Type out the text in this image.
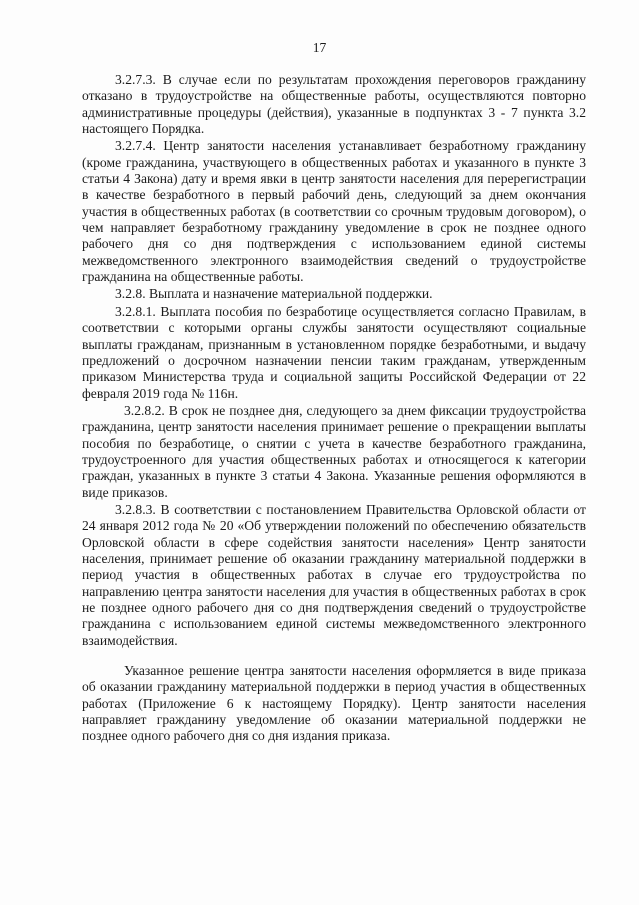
17

3.2.7.3. В случае если по результатам прохождения переговоров гражданину отказано в трудоустройстве на общественные работы, осуществляются повторно административные процедуры (действия), указанные в подпунктах 3 - 7 пункта 3.2 настоящего Порядка.

3.2.7.4. Центр занятости населения устанавливает безработному гражданину (кроме гражданина, участвующего в общественных работах и указанного в пункте 3 статьи 4 Закона) дату и время явки в центр занятости населения для перерегистрации в качестве безработного в первый рабочий день, следующий за днем окончания участия в общественных работах (в соответствии со срочным трудовым договором), о чем направляет безработному гражданину уведомление в срок не позднее одного рабочего дня со дня подтверждения с использованием единой системы межведомственного электронного взаимодействия сведений о трудоустройстве гражданина на общественные работы.

3.2.8. Выплата и назначение материальной поддержки.

3.2.8.1. Выплата пособия по безработице осуществляется согласно Правилам, в соответствии с которыми органы службы занятости осуществляют социальные выплаты гражданам, признанным в установленном порядке безработными, и выдачу предложений о досрочном назначении пенсии таким гражданам, утвержденным приказом Министерства труда и социальной защиты Российской Федерации от 22 февраля 2019 года № 116н.

3.2.8.2. В срок не позднее дня, следующего за днем фиксации трудоустройства гражданина, центр занятости населения принимает решение о прекращении выплаты пособия по безработице, о снятии с учета в качестве безработного гражданина, трудоустроенного для участия общественных работах и относящегося к категории граждан, указанных в пункте 3 статьи 4 Закона. Указанные решения оформляются в виде приказов.

3.2.8.3. В соответствии с постановлением Правительства Орловской области от 24 января 2012 года № 20 «Об утверждении положений по обеспечению обязательств Орловской области в сфере содействия занятости населения» Центр занятости населения, принимает решение об оказании гражданину материальной поддержки в период участия в общественных работах в случае его трудоустройства по направлению центра занятости населения для участия в общественных работах в срок не позднее одного рабочего дня со дня подтверждения сведений о трудоустройстве гражданина с использованием единой системы межведомственного электронного взаимодействия.

Указанное решение центра занятости населения оформляется в виде приказа об оказании гражданину материальной поддержки в период участия в общественных работах (Приложение 6 к настоящему Порядку). Центр занятости населения направляет гражданину уведомление об оказании материальной поддержки не позднее одного рабочего дня со дня издания приказа.
